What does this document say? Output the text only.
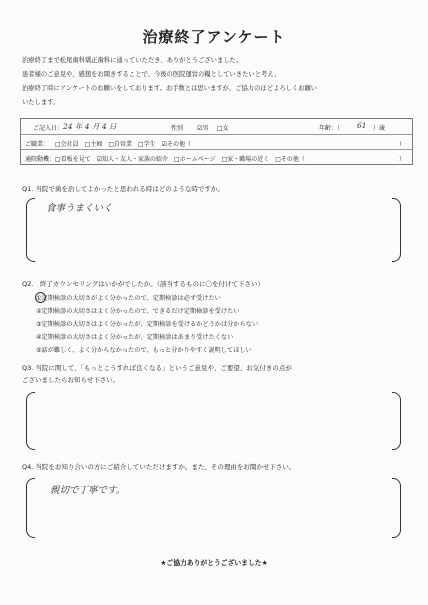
治療終了アンケート
治療終了まで松尾歯科矯正歯科に通っていただき、ありがとうございました。
患者様のご意見や、感想をお聞きすることで、今後の医院運営の糧としていきたいと考え、
治療終了時にアンケートのお願いをしております。お手数とは思いますが、ご協力のほどよろしくお願い
いたします。
ご記入日： 24 年 4 月 4 日	性別 ☑男 □女	年齢：（ 61 ）歳
ご職業： □会社員　□主婦　□自営業　□学生　☑その他（	）
通院動機： □看板を見て　☑知人・友人・家族の紹介　□ホームページ　□家・職場の近く　□その他（	）
Q1. 当院で歯を治してよかったと思われる時はどのような時ですか。
食事うまくいく
Q2.　終了カウンセリングはいかがでしたか。（該当するものに〇を付けて下さい）
①定期検診の大切さがよく分かったので、定期検診は必ず受けたい
②定期検診の大切さはよく分かったので、できるだけ定期検診を受けたい
③定期検診の大切さはよく分かったが、定期検診を受けるかどうかは分からない
④定期検診の大切さはよく分かったが、定期検診はあまり受けたくない
⑤話が難しく、よく分からなかったので、もっと分かりやすく説明してほしい
Q3. 当院に関して、「もっとこうすれば良くなる」というご意見や、ご要望、お気付きの点が
ございましたらお知らせ下さい。
Q4. 当院をお知り合いの方にご紹介していただけますか。また、その理由をお聞かせ下さい。
親切で丁寧です。
★ご協力ありがとうございました★
